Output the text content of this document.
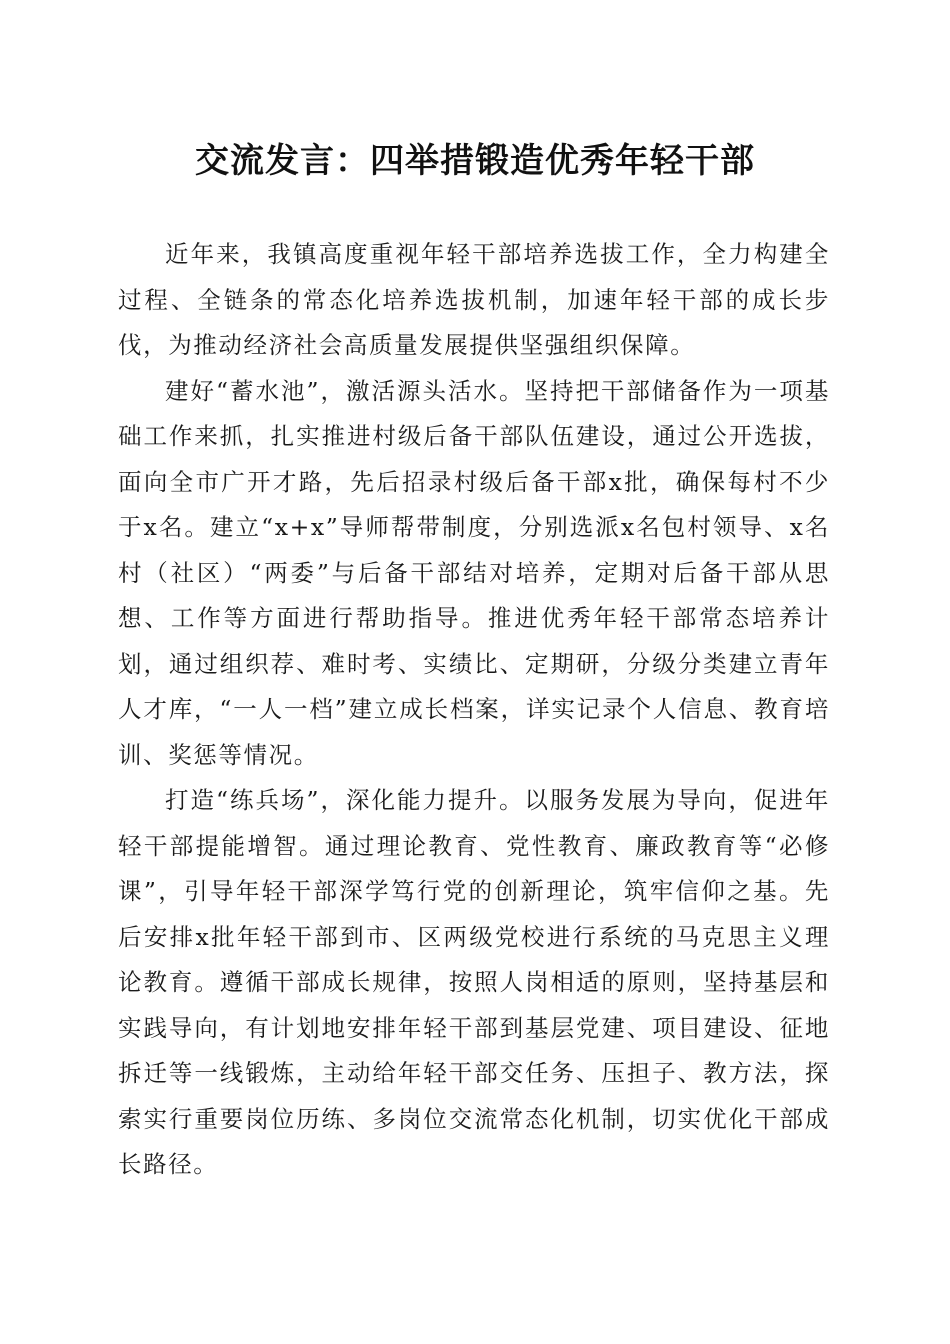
交流发言：四举措锻造优秀年轻干部

近年来，我镇高度重视年轻干部培养选拔工作，全力构建全过程、全链条的常态化培养选拔机制，加速年轻干部的成长步伐，为推动经济社会高质量发展提供坚强组织保障。

建好“蓄水池”，激活源头活水。坚持把干部储备作为一项基础工作来抓，扎实推进村级后备干部队伍建设，通过公开选拔，面向全市广开才路，先后招录村级后备干部x批，确保每村不少于x名。建立“x+x”导师帮带制度，分别选派x名包村领导、x名村（社区）“两委”与后备干部结对培养，定期对后备干部从思想、工作等方面进行帮助指导。推进优秀年轻干部常态培养计划，通过组织荐、难时考、实绩比、定期研，分级分类建立青年人才库，“一人一档”建立成长档案，详实记录个人信息、教育培训、奖惩等情况。

打造“练兵场”，深化能力提升。以服务发展为导向，促进年轻干部提能增智。通过理论教育、党性教育、廉政教育等“必修课”，引导年轻干部深学笃行党的创新理论，筑牢信仰之基。先后安排x批年轻干部到市、区两级党校进行系统的马克思主义理论教育。遵循干部成长规律，按照人岗相适的原则，坚持基层和实践导向，有计划地安排年轻干部到基层党建、项目建设、征地拆迁等一线锻炼，主动给年轻干部交任务、压担子、教方法，探索实行重要岗位历练、多岗位交流常态化机制，切实优化干部成长路径。
